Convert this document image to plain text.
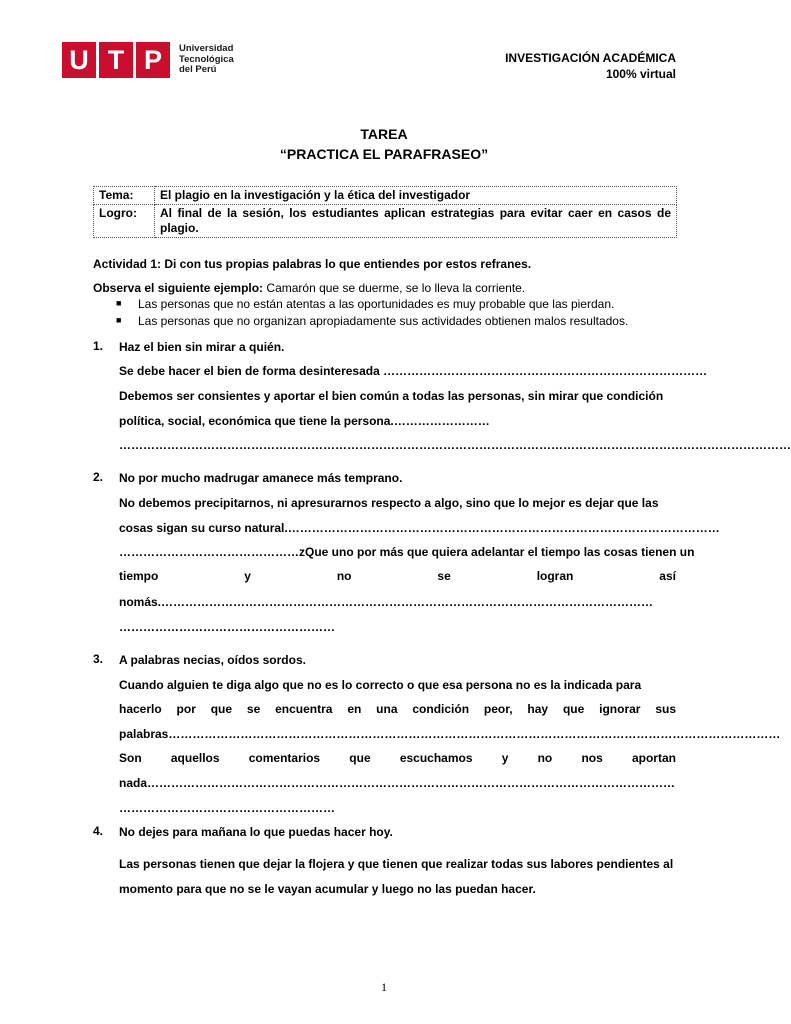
U T P	Universidad
Tecnológica
del Perú
INVESTIGACIÓN ACADÉMICA
100% virtual
TAREA
“PRACTICA EL PARAFRASEO”
Tema:	El plagio en la investigación y la ética del investigador
Logro:	Al final de la sesión, los estudiantes aplican estrategias para evitar caer en casos de plagio.
Actividad 1: Di con tus propias palabras lo que entiendes por estos refranes.
Observa el siguiente ejemplo: Camarón que se duerme, se lo lleva la corriente.
■ Las personas que no están atentas a las oportunidades es muy probable que las pierdan.
■ Las personas que no organizan apropiadamente sus actividades obtienen malos resultados.
1. Haz el bien sin mirar a quién.
Se debe hacer el bien de forma desinteresada ………………………………………………………………………
Debemos ser consientes y aportar el bien común a todas las personas, sin mirar que condición
política, social, económica que tiene la persona.……………………
……………………………………………………………………………………………………………………………………………………
2. No por mucho madrugar amanece más temprano.
No debemos precipitarnos, ni apresurarnos respecto a algo, sino que lo mejor es dejar que las
cosas sigan su curso natural.………………………………………………………………………………………………
………………………………………zQue uno por más que quiera adelantar el tiempo las cosas tienen un
tiempo	y	no	se	logran	así
nomás.……………………………………………………………………………………………………………
………………………………………………
3. A palabras necias, oídos sordos.
Cuando alguien te diga algo que no es lo correcto o que esa persona no es la indicada para
hacerlo por que se encuentra en una condición peor, hay que ignorar sus
palabras………………………………………………………………………………………………………………………………………
Son aquellos comentarios que escuchamos y no nos aportan
nada……………………………………………………………………………………………………………………
………………………………………………
4. No dejes para mañana lo que puedas hacer hoy.
Las personas tienen que dejar la flojera y que tienen que realizar todas sus labores pendientes al
momento para que no se le vayan acumular y luego no las puedan hacer.
1
